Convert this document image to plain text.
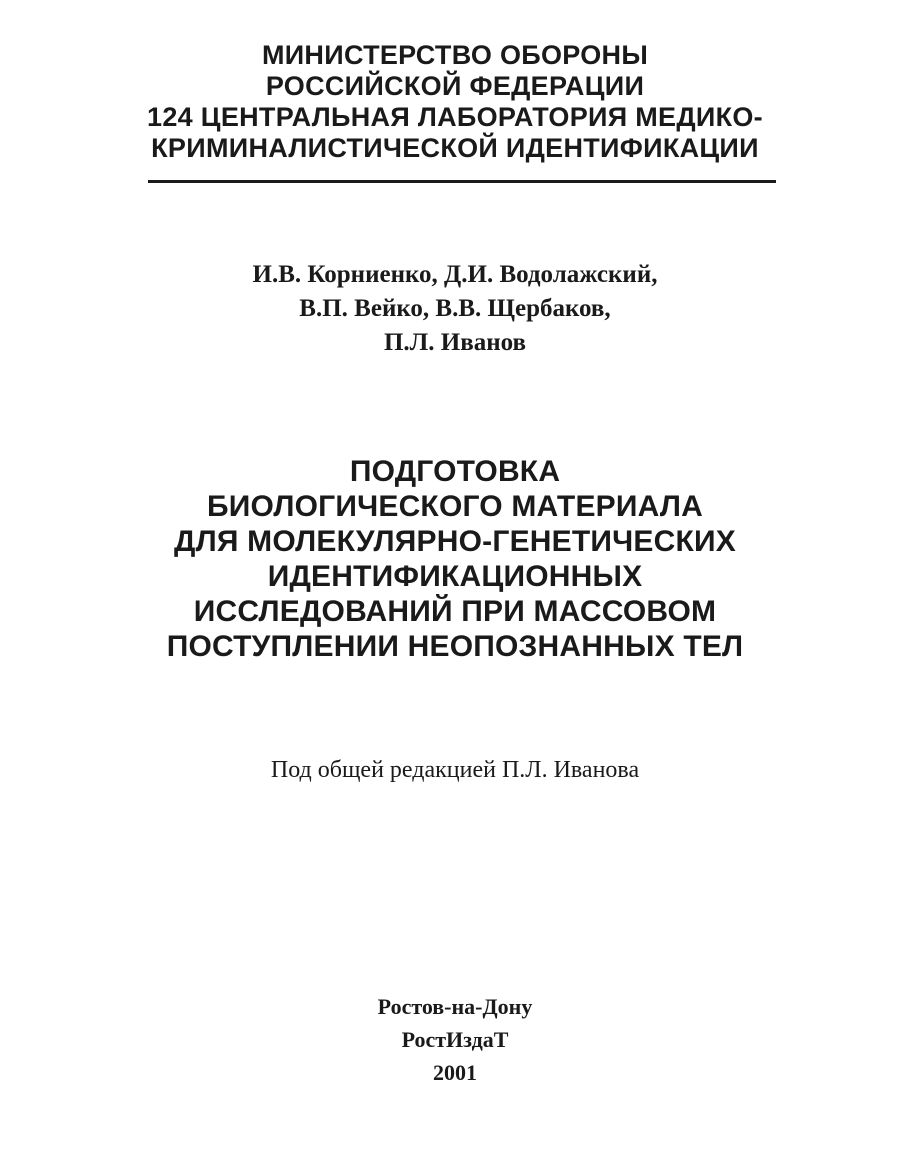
МИНИСТЕРСТВО ОБОРОНЫ
РОССИЙСКОЙ ФЕДЕРАЦИИ
124 ЦЕНТРАЛЬНАЯ ЛАБОРАТОРИЯ МЕДИКО-
КРИМИНАЛИСТИЧЕСКОЙ ИДЕНТИФИКАЦИИ
И.В. Корниенко, Д.И. Водолажский,
В.П. Вейко, В.В. Щербаков,
П.Л. Иванов
ПОДГОТОВКА
БИОЛОГИЧЕСКОГО МАТЕРИАЛА
ДЛЯ МОЛЕКУЛЯРНО-ГЕНЕТИЧЕСКИХ
ИДЕНТИФИКАЦИОННЫХ
ИССЛЕДОВАНИЙ ПРИ МАССОВОМ
ПОСТУПЛЕНИИ НЕОПОЗНАННЫХ ТЕЛ
Под общей редакцией П.Л. Иванова
Ростов-на-Дону
РостИздаТ
2001
